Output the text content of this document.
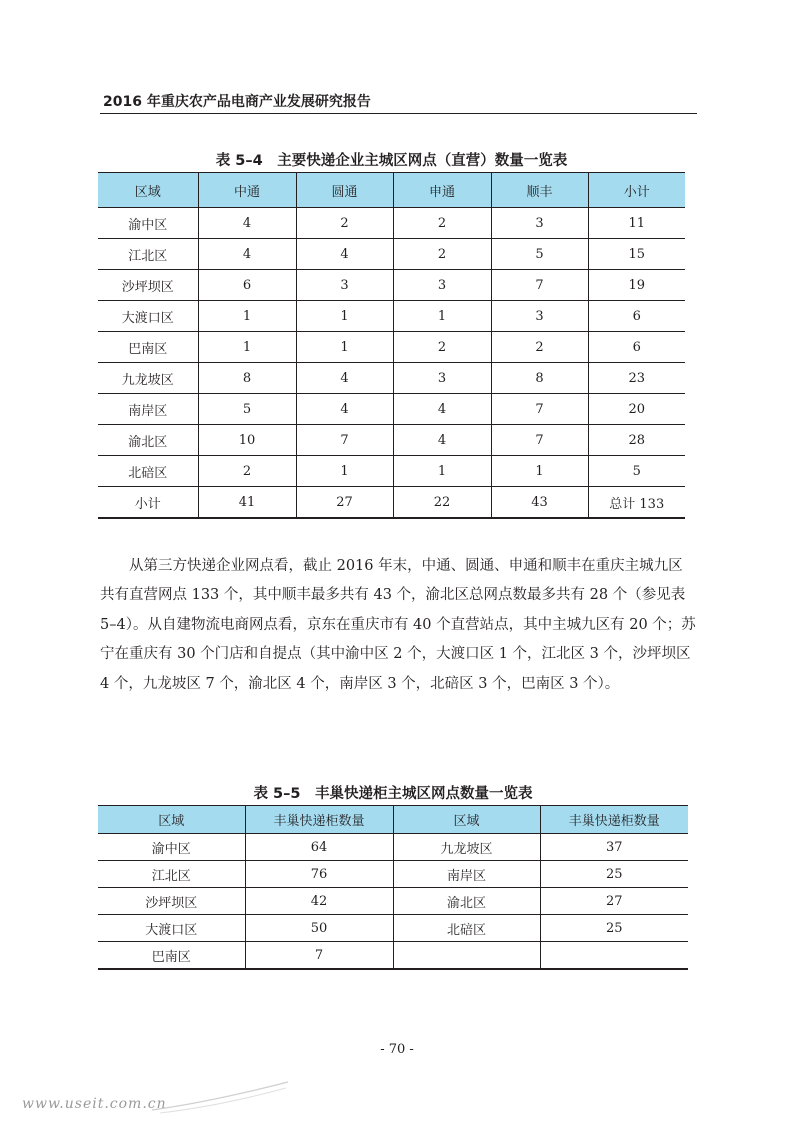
2016 年重庆农产品电商产业发展研究报告
表 5–4　主要快递企业主城区网点（直营）数量一览表
区域	中通	圆通	申通	顺丰	小计
渝中区	4	2	2	3	11
江北区	4	4	2	5	15
沙坪坝区	6	3	3	7	19
大渡口区	1	1	1	3	6
巴南区	1	1	2	2	6
九龙坡区	8	4	3	8	23
南岸区	5	4	4	7	20
渝北区	10	7	4	7	28
北碚区	2	1	1	1	5
小计	41	27	22	43	总计 133

从第三方快递企业网点看，截止 2016 年末，中通、圆通、申通和顺丰在重庆主城九区共有直营网点 133 个，其中顺丰最多共有 43 个，渝北区总网点数最多共有 28 个（参见表 5–4）。从自建物流电商网点看，京东在重庆市有 40 个直营站点，其中主城九区有 20 个；苏宁在重庆有 30 个门店和自提点（其中渝中区 2 个，大渡口区 1 个，江北区 3 个，沙坪坝区 4 个，九龙坡区 7 个，渝北区 4 个，南岸区 3 个，北碚区 3 个，巴南区 3 个）。

表 5–5　丰巢快递柜主城区网点数量一览表
区域	丰巢快递柜数量	区域	丰巢快递柜数量
渝中区	64	九龙坡区	37
江北区	76	南岸区	25
沙坪坝区	42	渝北区	27
大渡口区	50	北碚区	25
巴南区	7		
- 70 -
www.useit.com.cn
